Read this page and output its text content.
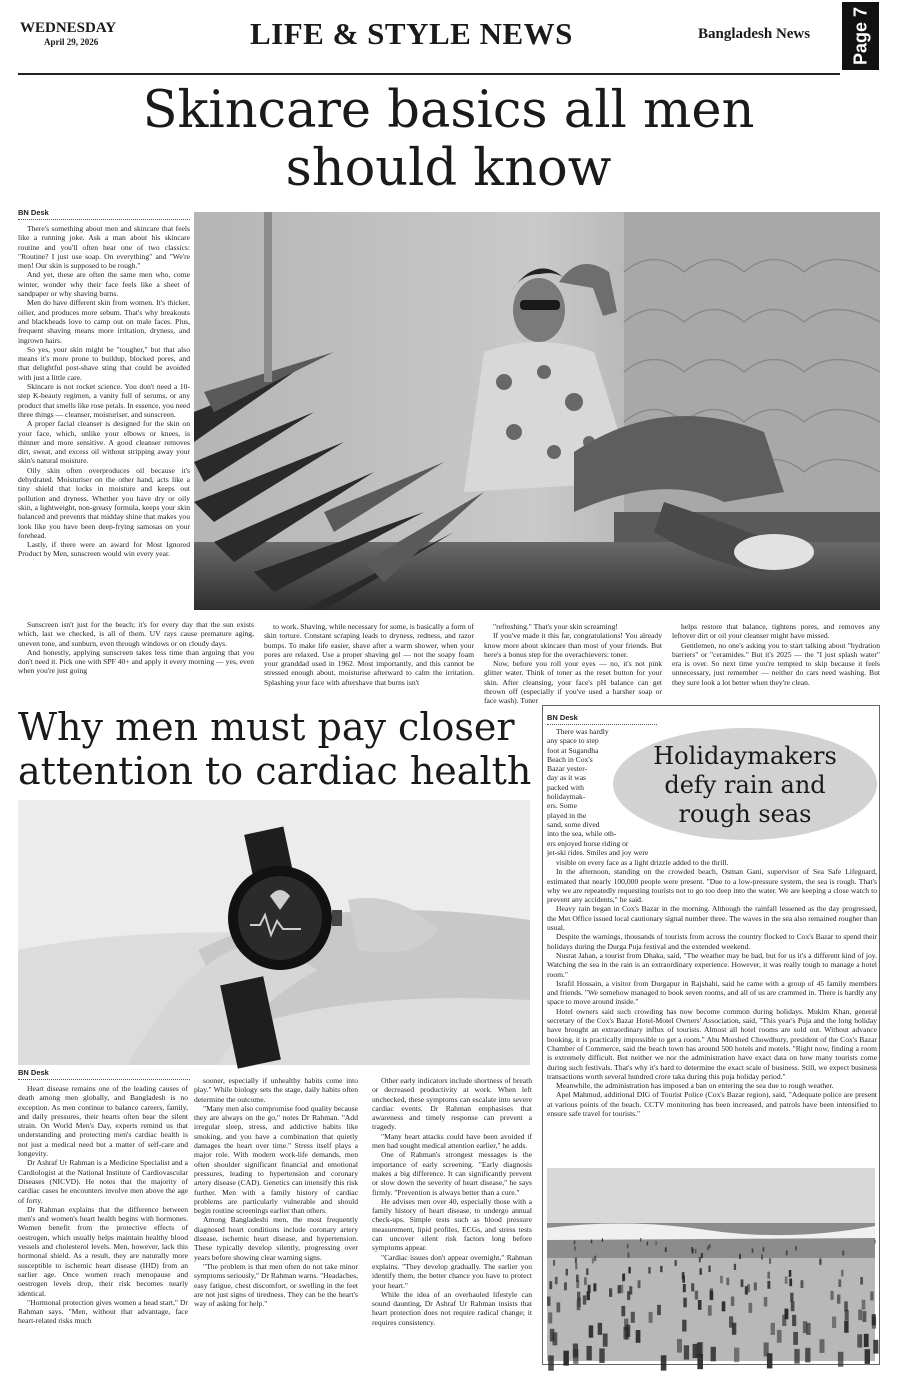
WEDNESDAY
April 29, 2026	LIFE & STYLE NEWS	Bangladesh News Page 7
Skincare basics all men
should know
BN Desk

There's something about men and skincare that feels like a running joke. Ask a man about his skincare routine and you'll often hear one of two classics: "Routine? I just use soap. On everything" and "We're men! Our skin is supposed to be rough."

And yet, these are often the same men who, come winter, wonder why their face feels like a sheet of sandpaper or why shaving burns.

Men do have different skin from women. It's thicker, oilier, and produces more sebum. That's why breakouts and blackheads love to camp out on male faces. Plus, frequent shaving means more irritation, dryness, and ingrown hairs.

So yes, your skin might be "tougher," but that also means it's more prone to buildup, blocked pores, and that delightful post-shave sting that could be avoided with just a little care.

Skincare is not rocket science. You don't need a 10-step K-beauty regimen, a vanity full of serums, or any product that smells like rose petals. In essence, you need three things — cleanser, moisturiser, and sunscreen.

A proper facial cleanser is designed for the skin on your face, which, unlike your elbows or knees, is thinner and more sensitive. A good cleanser removes dirt, sweat, and excess oil without stripping away your skin's natural moisture.

Oily skin often overproduces oil because it's dehydrated. Moisturiser on the other hand, acts like a tiny shield that locks in moisture and keeps out pollution and dryness. Whether you have dry or oily skin, a lightweight, non-greasy formula, keeps your skin balanced and prevents that midday shine that makes you look like you have been deep-frying samosas on your forehead.

Lastly, if there were an award for Most Ignored Product by Men, sunscreen would win every year.

Sunscreen isn't just for the beach; it's for every day that the sun exists which, last we checked, is all of them. UV rays cause premature aging, uneven tone, and sunburn, even through windows or on cloudy days.

And honestly, applying sunscreen takes less time than arguing that you don't need it. Pick one with SPF 40+ and apply it every morning — yes, even when you're just going

to work. Shaving, while necessary for some, is basically a form of skin torture. Constant scraping leads to dryness, redness, and razor bumps. To make life easier, shave after a warm shower, when your pores are relaxed. Use a proper shaving gel — not the soapy foam your granddad used in 1962. Most importantly, and this cannot be stressed enough about, moisturise afterward to calm the irritation. Splashing your face with aftershave that burns isn't

"refreshing." That's your skin screaming!

If you've made it this far, congratulations! You already know more about skincare than most of your friends. But here's a bonus step for the overachievers: toner.

Now, before you roll your eyes — no, it's not pink glitter water. Think of toner as the reset button for your skin. After cleansing, your face's pH balance can get thrown off (especially if you've used a harsher soap or face wash). Toner

helps restore that balance, tightens pores, and removes any leftover dirt or oil your cleanser might have missed.

Gentlemen, no one's asking you to start talking about "hydration barriers" or "ceramides." But it's 2025 — the "I just splash water" era is over. So next time you're tempted to skip because it feels unnecessary, just remember — neither do cars need washing. But they sure look a lot better when they're clean.

Why men must pay closer
attention to cardiac health
BN Desk

Heart disease remains one of the leading causes of death among men globally, and Bangladesh is no exception. As men continue to balance careers, family, and daily pressures, their hearts often bear the silent strain. On World Men's Day, experts remind us that understanding and protecting men's cardiac health is not just a medical need but a matter of self-care and longevity.

Dr Ashraf Ur Rahman is a Medicine Specialist and a Cardiologist at the National Institute of Cardiovascular Diseases (NICVD). He notes that the majority of cardiac cases he encounters involve men above the age of forty.

Dr Rahman explains that the difference between men's and women's heart health begins with hormones. Women benefit from the protective effects of oestrogen, which usually helps maintain healthy blood vessels and cholesterol levels. Men, however, lack this hormonal shield. As a result, they are naturally more susceptible to ischemic heart disease (IHD) from an earlier age. Once women reach menopause and oestrogen levels drop, their risk becomes nearly identical.

"Hormonal protection gives women a head start," Dr Rahman says. "Men, without that advantage, face heart-related risks much

sooner, especially if unhealthy habits come into play." While biology sets the stage, daily habits often determine the outcome.

"Many men also compromise food quality because they are always on the go," notes Dr Rahman. "Add irregular sleep, stress, and addictive habits like smoking, and you have a combination that quietly damages the heart over time." Stress itself plays a major role. With modern work-life demands, men often shoulder significant financial and emotional pressures, leading to hypertension and coronary artery disease (CAD). Genetics can intensify this risk further. Men with a family history of cardiac problems are particularly vulnerable and should begin routine screenings earlier than others.

Among Bangladeshi men, the most frequently diagnosed heart conditions include coronary artery disease, ischemic heart disease, and hypertension. These typically develop silently, progressing over years before showing clear warning signs.

"The problem is that men often do not take minor symptoms seriously," Dr Rahman warns. "Headaches, easy fatigue, chest discomfort, or swelling in the feet are not just signs of tiredness. They can be the heart's way of asking for help."

Other early indicators include shortness of breath or decreased productivity at work. When left unchecked, these symptoms can escalate into severe cardiac events. Dr Rahman emphasises that awareness and timely response can prevent a tragedy.

"Many heart attacks could have been avoided if men had sought medical attention earlier," he adds.

One of Rahman's strongest messages is the importance of early screening. "Early diagnosis makes a big difference. It can significantly prevent or slow down the severity of heart disease," he says firmly. "Prevention is always better than a cure."

He advises men over 40, especially those with a family history of heart disease, to undergo annual check-ups. Simple tests such as blood pressure measurement, lipid profiles, ECGs, and stress tests can uncover silent risk factors long before symptoms appear.

"Cardiac issues don't appear overnight," Rahman explains. "They develop gradually. The earlier you identify them, the better chance you have to protect your heart."

While the idea of an overhauled lifestyle can sound daunting, Dr Ashraf Ur Rahman insists that heart protection does not require radical change; it requires consistency.

BN Desk
Holidaymakers
defy rain and
rough seas
There was hardly
any space to step
foot at Sugandha
Beach in Cox's
Bazar yester-
day as it was
packed with
holidaymak-
ers. Some
played in the
sand, some dived
into the sea, while oth-
ers enjoyed horse riding or
jet-ski rides. Smiles and joy were

visible on every face as a light drizzle added to the thrill.

In the afternoon, standing on the crowded beach, Osman Gani, supervisor of Sea Safe Lifeguard, estimated that nearly 100,000 people were present. "Due to a low-pressure system, the sea is rough. That's why we are repeatedly requesting tourists not to go too deep into the water. We are keeping a close watch to prevent any accidents," he said.

Heavy rain began in Cox's Bazar in the morning. Although the rainfall lessened as the day progressed, the Met Office issued local cautionary signal number three. The waves in the sea also remained rougher than usual.

Despite the warnings, thousands of tourists from across the country flocked to Cox's Bazar to spend their holidays during the Durga Puja festival and the extended weekend.

Nusrat Jahan, a tourist from Dhaka, said, "The weather may be bad, but for us it's a different kind of joy. Watching the sea in the rain is an extraordinary experience. However, it was really tough to manage a hotel room."

Israfil Hossain, a visitor from Durgapur in Rajshahi, said he came with a group of 45 family members and friends. "We somehow managed to book seven rooms, and all of us are crammed in. There is hardly any space to move around inside."

Hotel owners said such crowding has now become common during holidays. Mukim Khan, general secretary of the Cox's Bazar Hotel-Motel Owners' Association, said, "This year's Puja and the long holiday have brought an extraordinary influx of tourists. Almost all hotel rooms are sold out. Without advance booking, it is practically impossible to get a room." Abu Morshed Chowdhury, president of the Cox's Bazar Chamber of Commerce, said the beach town has around 500 hotels and motels. "Right now, finding a room is extremely difficult. But neither we nor the administration have exact data on how many tourists come during such festivals. That's why it's hard to determine the exact scale of business. Still, we expect business transactions worth several hundred crore taka during this puja holiday period."

Meanwhile, the administration has imposed a ban on entering the sea due to rough weather.

Apel Mahmud, additional DIG of Tourist Police (Cox's Bazar region), said, "Adequate police are present at various points of the beach. CCTV monitoring has been increased, and patrols have been intensified to ensure safe travel for tourists."
